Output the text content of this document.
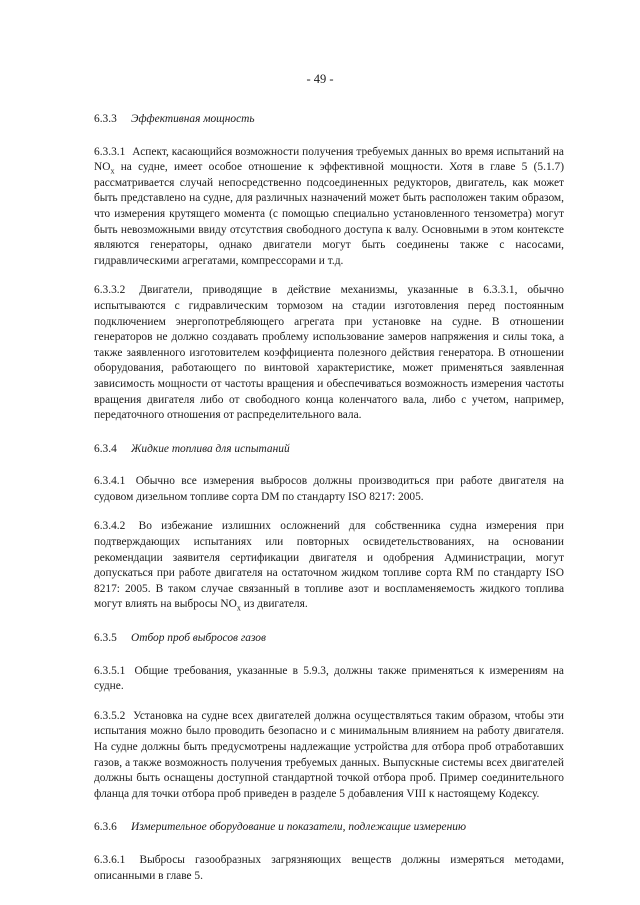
- 49 -
6.3.3 Эффективная мощность

6.3.3.1 Аспект, касающийся возможности получения требуемых данных во время испытаний на $NO_x$ на судне, имеет особое отношение к эффективной мощности. Хотя в главе 5 (5.1.7) рассматривается случай непосредственно подсоединенных редукторов, двигатель, как может быть представлено на судне, для различных назначений может быть расположен таким образом, что измерения крутящего момента (с помощью специально установленного тензометра) могут быть невозможными ввиду отсутствия свободного доступа к валу. Основными в этом контексте являются генераторы, однако двигатели могут быть соединены также с насосами, гидравлическими агрегатами, компрессорами и т.д.

6.3.3.2 Двигатели, приводящие в действие механизмы, указанные в 6.3.3.1, обычно испытываются с гидравлическим тормозом на стадии изготовления перед постоянным подключением энергопотребляющего агрегата при установке на судне. В отношении генераторов не должно создавать проблему использование замеров напряжения и силы тока, а также заявленного изготовителем коэффициента полезного действия генератора. В отношении оборудования, работающего по винтовой характеристике, может применяться заявленная зависимость мощности от частоты вращения и обеспечиваться возможность измерения частоты вращения двигателя либо от свободного конца коленчатого вала, либо с учетом, например, передаточного отношения от распределительного вала.

6.3.4 Жидкие топлива для испытаний

6.3.4.1 Обычно все измерения выбросов должны производиться при работе двигателя на судовом дизельном топливе сорта DM по стандарту ISO 8217: 2005.

6.3.4.2 Во избежание излишних осложнений для собственника судна измерения при подтверждающих испытаниях или повторных освидетельствованиях, на основании рекомендации заявителя сертификации двигателя и одобрения Администрации, могут допускаться при работе двигателя на остаточном жидком топливе сорта RM по стандарту ISO 8217: 2005. В таком случае связанный в топливе азот и воспламеняемость жидкого топлива могут влиять на выбросы $NO_x$ из двигателя.

6.3.5 Отбор проб выбросов газов

6.3.5.1 Общие требования, указанные в 5.9.3, должны также применяться к измерениям на судне.

6.3.5.2 Установка на судне всех двигателей должна осуществляться таким образом, чтобы эти испытания можно было проводить безопасно и с минимальным влиянием на работу двигателя. На судне должны быть предусмотрены надлежащие устройства для отбора проб отработавших газов, а также возможность получения требуемых данных. Выпускные системы всех двигателей должны быть оснащены доступной стандартной точкой отбора проб. Пример соединительного фланца для точки отбора проб приведен в разделе 5 добавления VIII к настоящему Кодексу.

6.3.6 Измерительное оборудование и показатели, подлежащие измерению

6.3.6.1 Выбросы газообразных загрязняющих веществ должны измеряться методами, описанными в главе 5.
